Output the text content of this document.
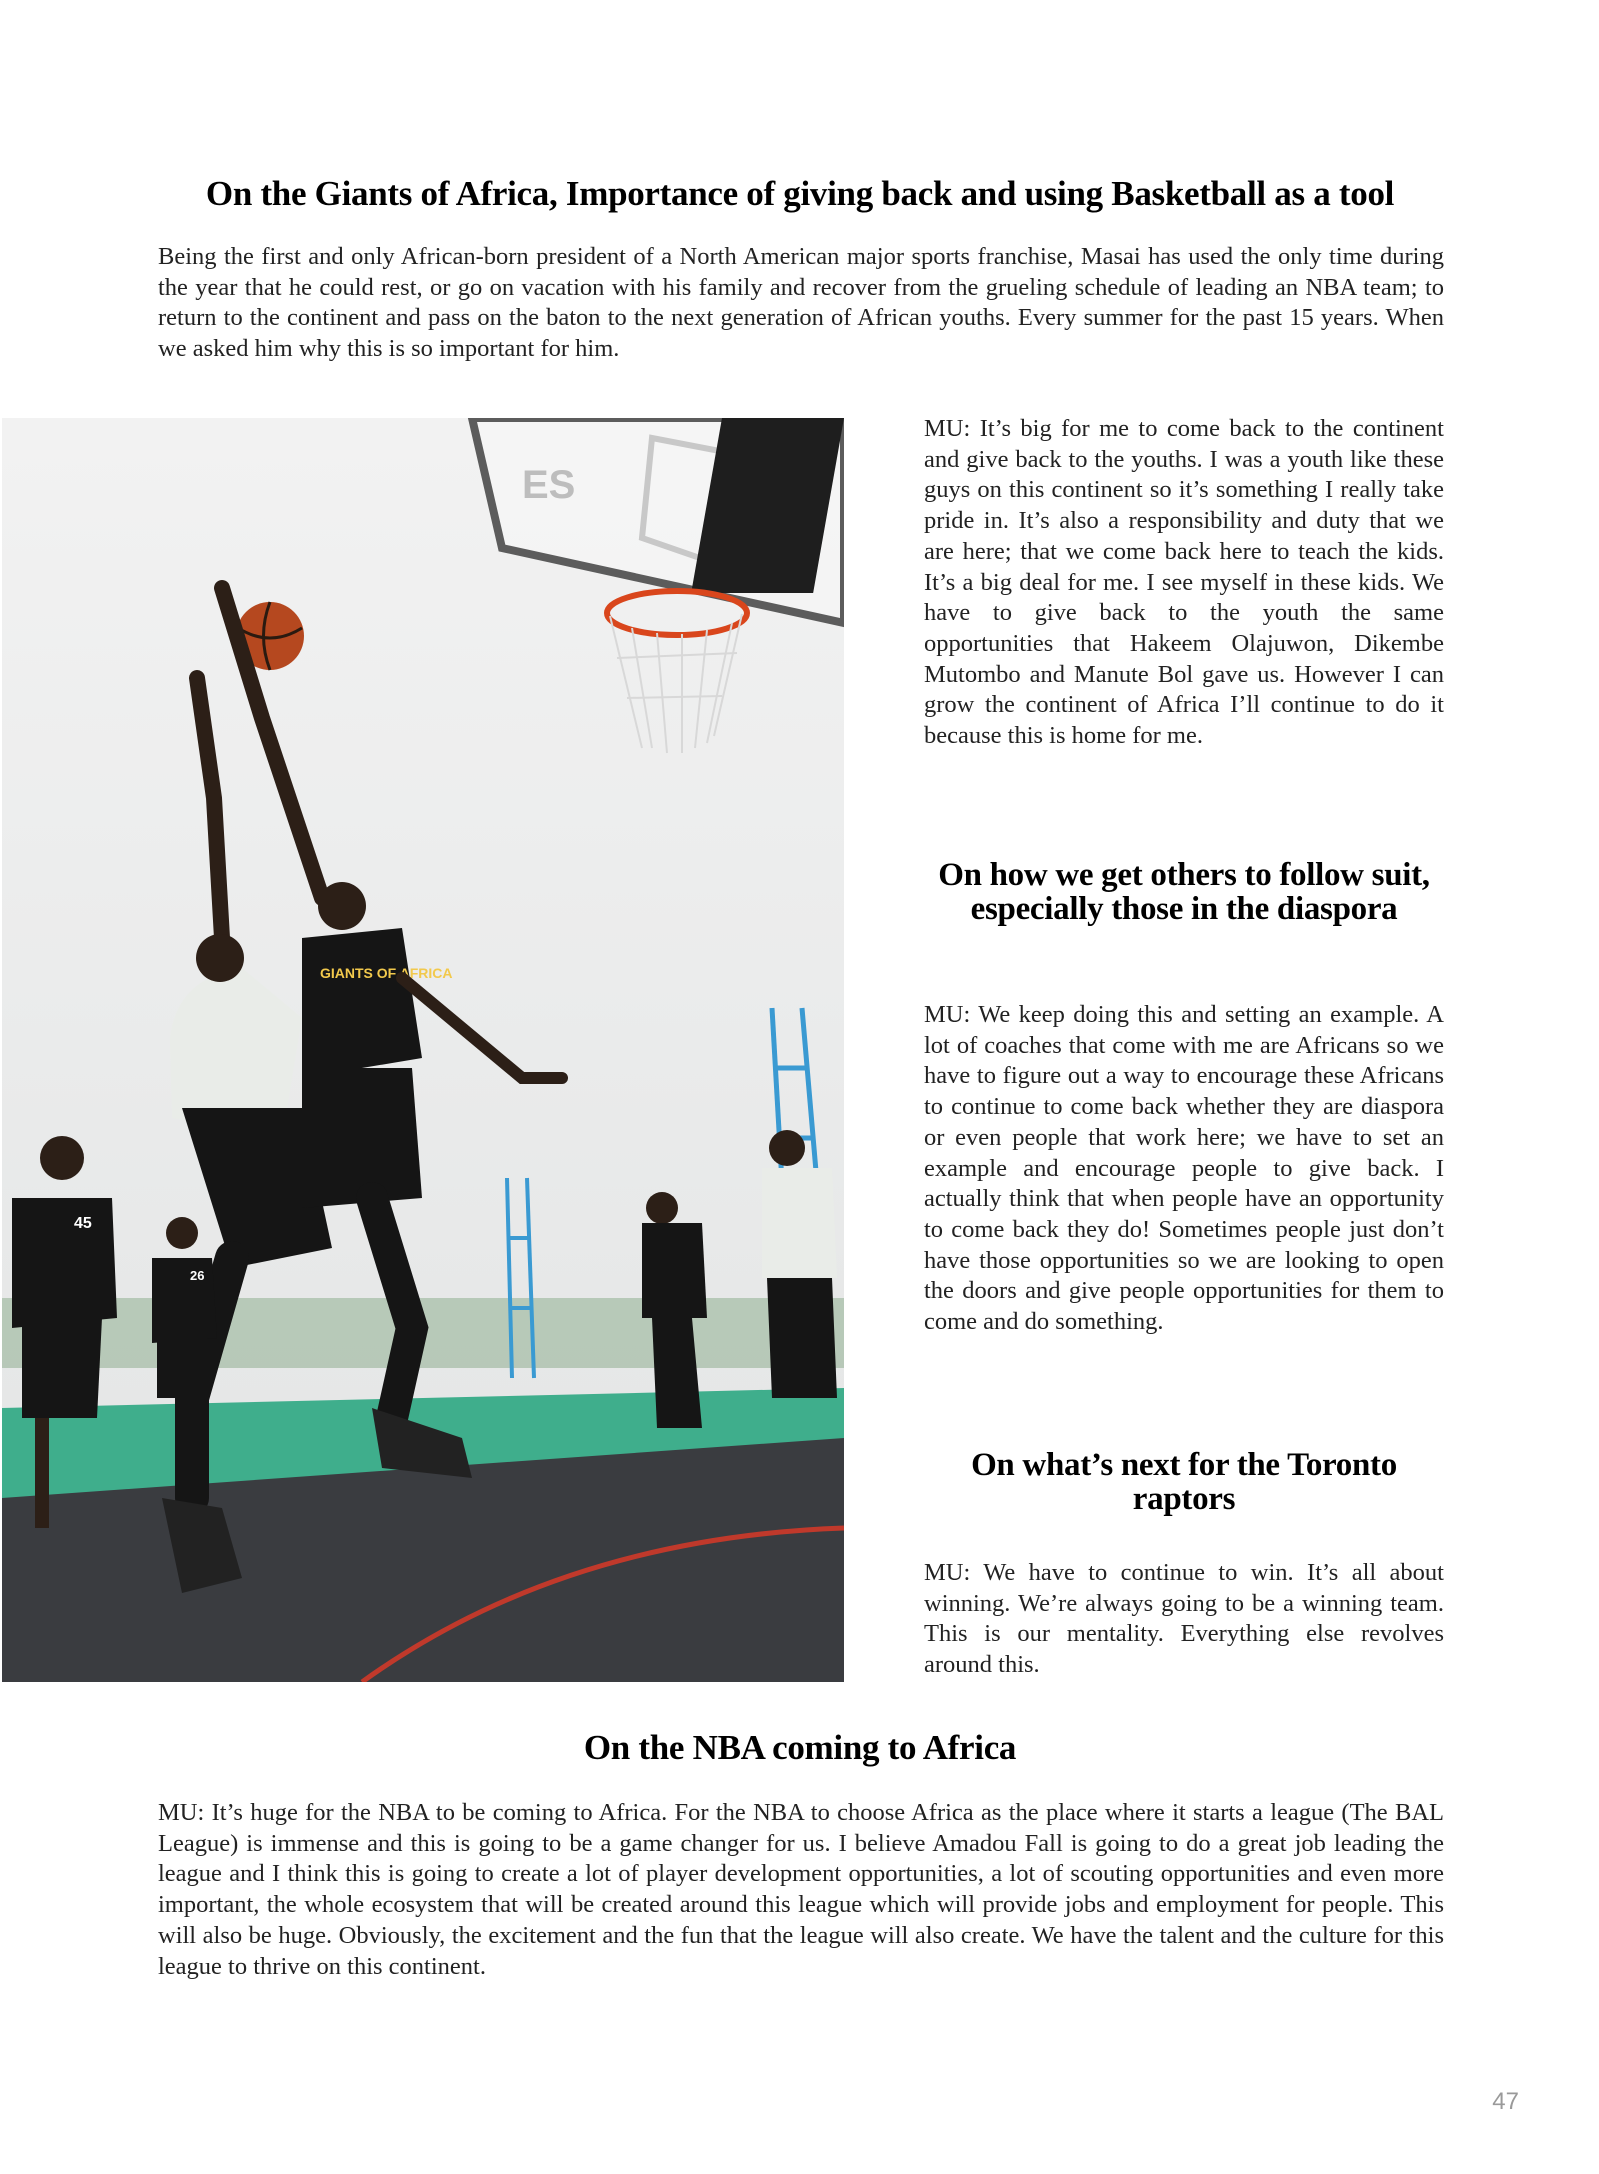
On the Giants of Africa, Importance of giving back and using Basketball as a tool

Being the first and only African-born president of a North American major sports franchise, Masai has used the only time during the year that he could rest, or go on vacation with his family and recover from the grueling schedule of leading an NBA team; to return to the continent and pass on the baton to the next generation of African youths. Every summer for the past 15 years. When we asked him why this is so important for him.

ES
GIANTS OF AFRICA
45
26

MU: It’s big for me to come back to the continent and give back to the youths. I was a youth like these guys on this continent so it’s something I really take pride in. It’s also a responsibility and duty that we are here; that we come back here to teach the kids. It’s a big deal for me. I see myself in these kids. We have to give back to the youth the same opportunities that Hakeem Olajuwon, Dikembe Mutombo and Manute Bol gave us. However I can grow the continent of Africa I’ll continue to do it because this is home for me.

On how we get others to follow suit, especially those in the diaspora

MU: We keep doing this and setting an example. A lot of coaches that come with me are Africans so we have to figure out a way to encourage these Africans to continue to come back whether they are diaspora or even people that work here; we have to set an example and encourage people to give back. I actually think that when people have an opportunity to come back they do! Sometimes people just don’t have those opportunities so we are looking to open the doors and give people opportunities for them to come and do something.

On what’s next for the Toronto raptors

MU: We have to continue to win. It’s all about winning. We’re always going to be a winning team. This is our mentality. Everything else revolves around this.

On the NBA coming to Africa

MU: It’s huge for the NBA to be coming to Africa. For the NBA to choose Africa as the place where it starts a league (The BAL League) is immense and this is going to be a game changer for us. I believe Amadou Fall is going to do a great job leading the league and I think this is going to create a lot of player development opportunities, a lot of scouting opportunities and even more important, the whole ecosystem that will be created around this league which will provide jobs and employment for people. This will also be huge. Obviously, the excitement and the fun that the league will also create. We have the talent and the culture for this league to thrive on this continent.

47
